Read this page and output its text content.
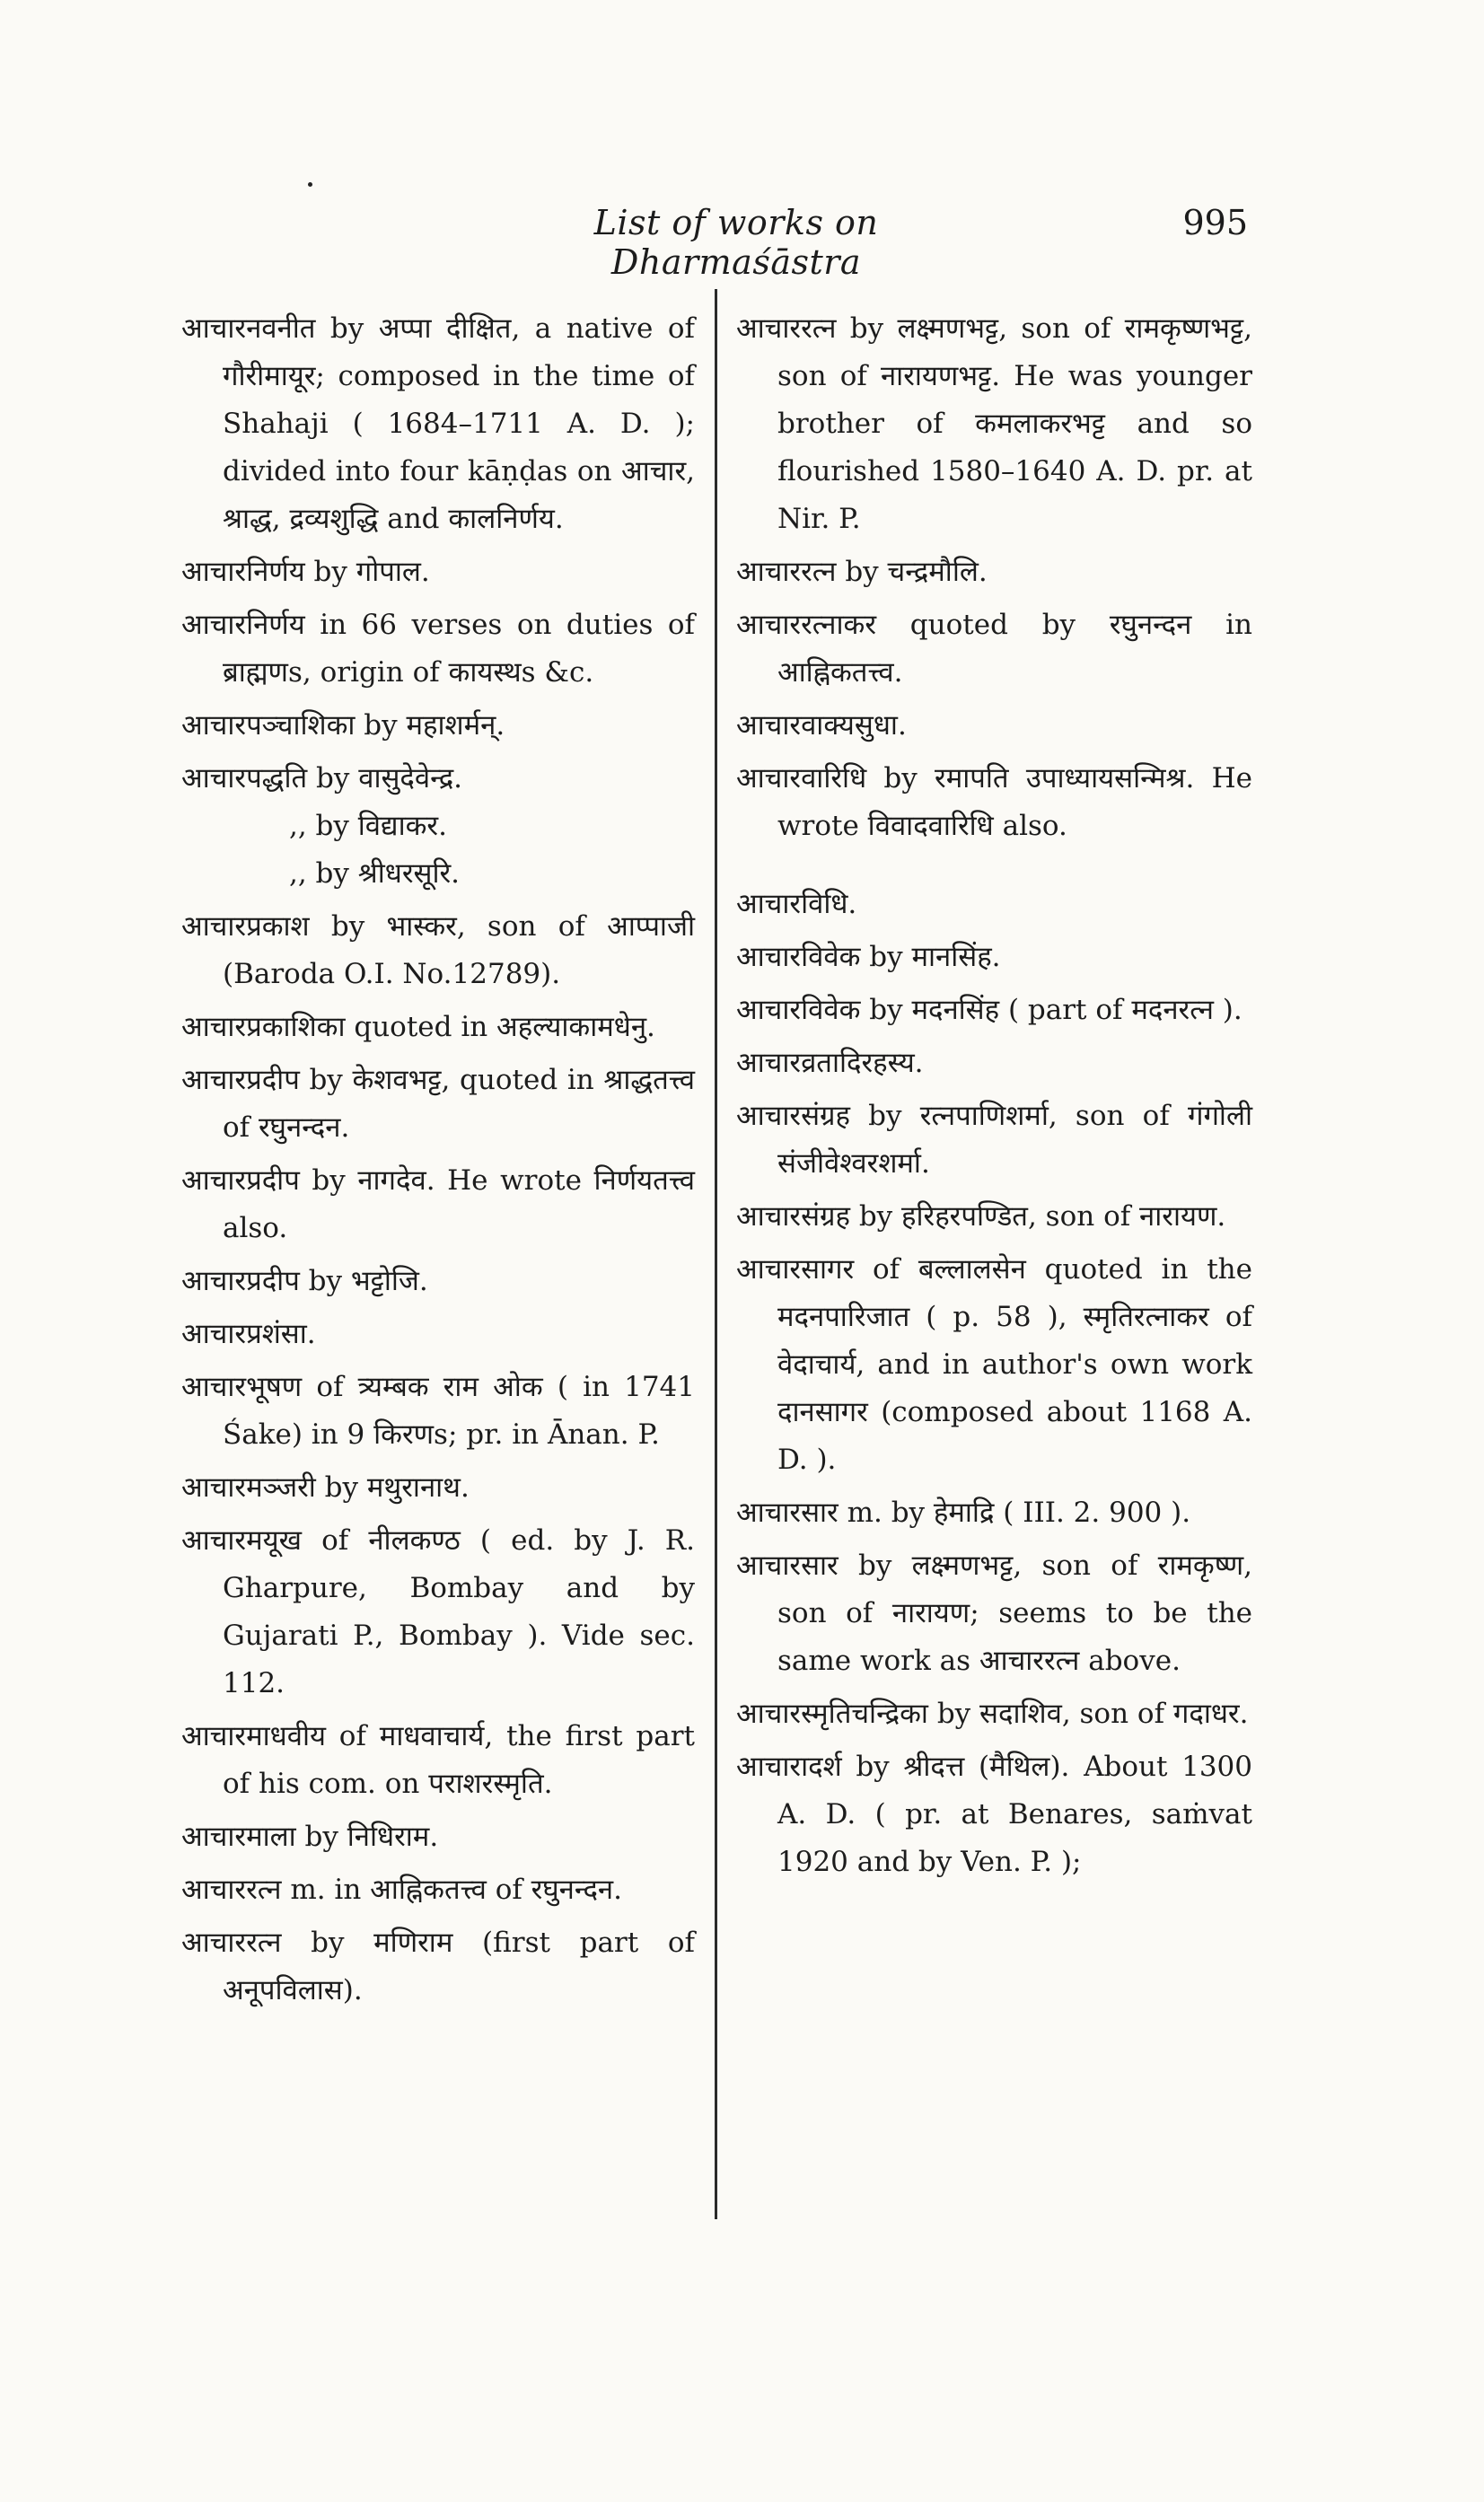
List of works on Dharmaśāstra
995

आचारनवनीत by अप्पा दीक्षित, a native of गौरीमायूर; composed in the time of Shahaji ( 1684–1711 A. D. ); divided into four kāṇḍas on आचार, श्राद्ध, द्रव्यशुद्धि and कालनिर्णय.

आचारनिर्णय by गोपाल.

आचारनिर्णय in 66 verses on duties of ब्राह्मणs, origin of कायस्थs &c.

आचारपञ्चाशिका by महाशर्मन्.

आचारपद्धति by वासुदेवेन्द्र.

,, by विद्याकर.

,, by श्रीधरसूरि.

आचारप्रकाश by भास्कर, son of आप्पाजी (Baroda O.I. No.12789).

आचारप्रकाशिका quoted in अहल्याकामधेनु.

आचारप्रदीप by केशवभट्ट, quoted in श्राद्धतत्त्व of रघुनन्दन.

आचारप्रदीप by नागदेव. He wrote निर्णयतत्त्व also.

आचारप्रदीप by भट्टोजि.

आचारप्रशंसा.

आचारभूषण of त्र्यम्बक राम ओक ( in 1741 Śake) in 9 किरणs; pr. in Ānan. P.

आचारमञ्जरी by मथुरानाथ.

आचारमयूख of नीलकण्ठ ( ed. by J. R. Gharpure, Bombay and by Gujarati P., Bombay ). Vide sec. 112.

आचारमाधवीय of माधवाचार्य, the first part of his com. on पराशरस्मृति.

आचारमाला by निधिराम.

आचाररत्न m. in आह्निकतत्त्व of रघुनन्दन.

आचाररत्न by मणिराम (first part of अनूपविलास).

आचाररत्न by लक्ष्मणभट्ट, son of रामकृष्णभट्ट, son of नारायणभट्ट. He was younger brother of कमलाकरभट्ट and so flourished 1580–1640 A. D. pr. at Nir. P.

आचाररत्न by चन्द्रमौलि.

आचाररत्नाकर quoted by रघुनन्दन in आह्निकतत्त्व.

आचारवाक्यसुधा.

आचारवारिधि by रमापति उपाध्यायसन्मिश्र. He wrote विवादवारिधि also.

आचारविधि.

आचारविवेक by मानसिंह.

आचारविवेक by मदनसिंह ( part of मदनरत्न ).

आचारव्रतादिरहस्य.

आचारसंग्रह by रत्नपाणिशर्मा, son of गंगोली संजीवेश्वरशर्मा.

आचारसंग्रह by हरिहरपण्डित, son of नारायण.

आचारसागर of बल्लालसेन quoted in the मदनपारिजात ( p. 58 ), स्मृतिरत्नाकर of वेदाचार्य, and in author's own work दानसागर (composed about 1168 A. D. ).

आचारसार m. by हेमाद्रि ( III. 2. 900 ).

आचारसार by लक्ष्मणभट्ट, son of रामकृष्ण, son of नारायण; seems to be the same work as आचाररत्न above.

आचारस्मृतिचन्द्रिका by सदाशिव, son of गदाधर.

आचारादर्श by श्रीदत्त (मैथिल). About 1300 A. D. ( pr. at Benares, saṁvat 1920 and by Ven. P. );
